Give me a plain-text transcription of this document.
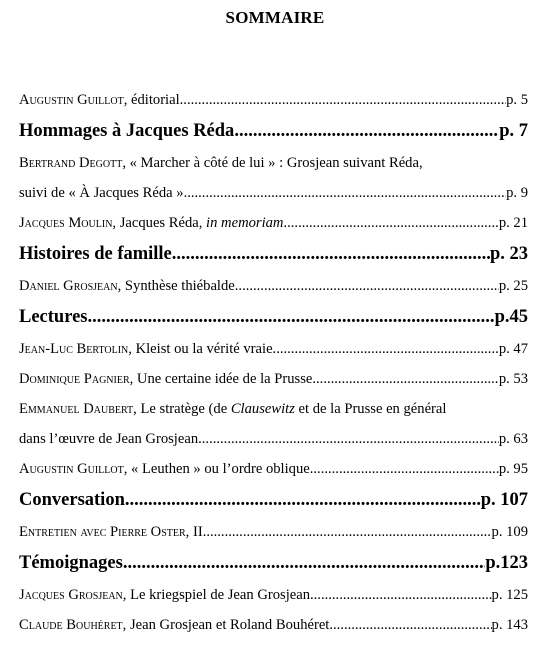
SOMMAIRE
Augustin Guillot, éditorial .....	p. 5
Hommages à Jacques Réda .....	p. 7
Bertrand Degott, « Marcher à côté de lui » : Grosjean suivant Réda,
suivi de « À Jacques Réda » .....	p. 9
Jacques Moulin, Jacques Réda, in memoriam .....	p. 21
Histoires de famille .....	p. 23
Daniel Grosjean, Synthèse thiébalde .....	p. 25
Lectures .....	p.45
Jean-Luc Bertolin, Kleist ou la vérité vraie .....	p. 47
Dominique Pagnier, Une certaine idée de la Prusse .....	p. 53
Emmanuel Daubert, Le stratège (de Clausewitz et de la Prusse en général
dans l’œuvre de Jean Grosjean .....	p. 63
Augustin Guillot, « Leuthen » ou l’ordre oblique .....	p. 95
Conversation .....	p. 107
Entretien avec Pierre Oster, II .....	p. 109
Témoignages .....	p.123
Jacques Grosjean, Le kriegspiel de Jean Grosjean .....	p. 125
Claude Bouhéret, Jean Grosjean et Roland Bouhéret .....	p. 143
